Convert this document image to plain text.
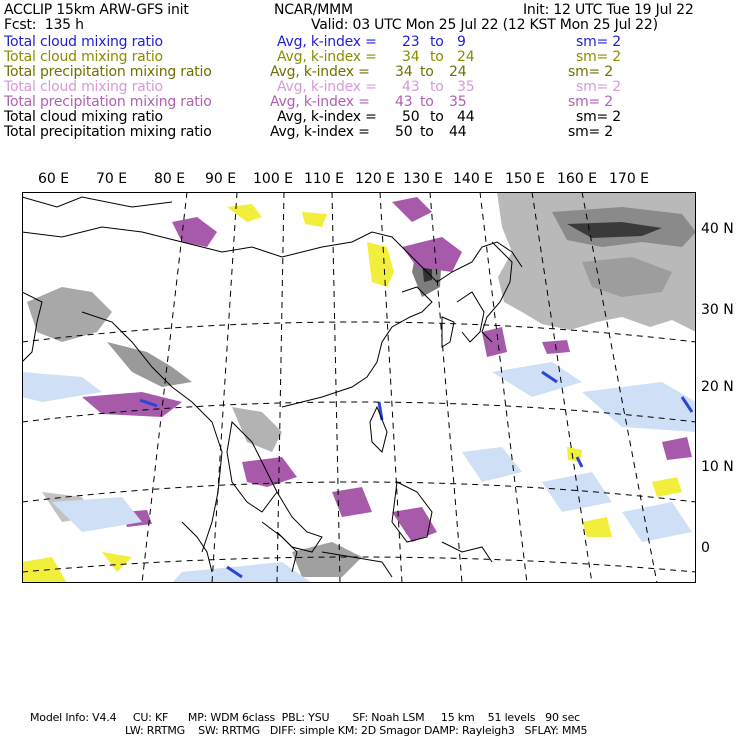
ACCLIP 15km ARW-GFS init	NCAR/MMM	Init: 12 UTC Tue 19 Jul 22
Fcst:  135 h	Valid: 03 UTC Mon 25 Jul 22 (12 KST Mon 25 Jul 22)
Total cloud mixing ratio	Avg, k-index = 23 to 9	sm= 2
Total cloud mixing ratio	Avg, k-index = 34 to 24	sm= 2
Total precipitation mixing ratio	Avg, k-index = 34 to 24	sm= 2
Total cloud mixing ratio	Avg, k-index = 43 to 35	sm= 2
Total precipitation mixing ratio	Avg, k-index = 43 to 35	sm= 2
Total cloud mixing ratio	Avg, k-index = 50 to 44	sm= 2
Total precipitation mixing ratio	Avg, k-index = 50 to 44	sm= 2
60 E 70 E 80 E 90 E 100 E 110 E 120 E 130 E 140 E 150 E 160 E 170 E
40 N
30 N
20 N
10 N
0
Model Info: V4.4     CU: KF      MP: WDM 6class  PBL: YSU       SF: Noah LSM     15 km    51 levels   90 sec
LW: RRTMG    SW: RRTMG   DIFF: simple KM: 2D Smagor DAMP: Rayleigh3   SFLAY: MM5
